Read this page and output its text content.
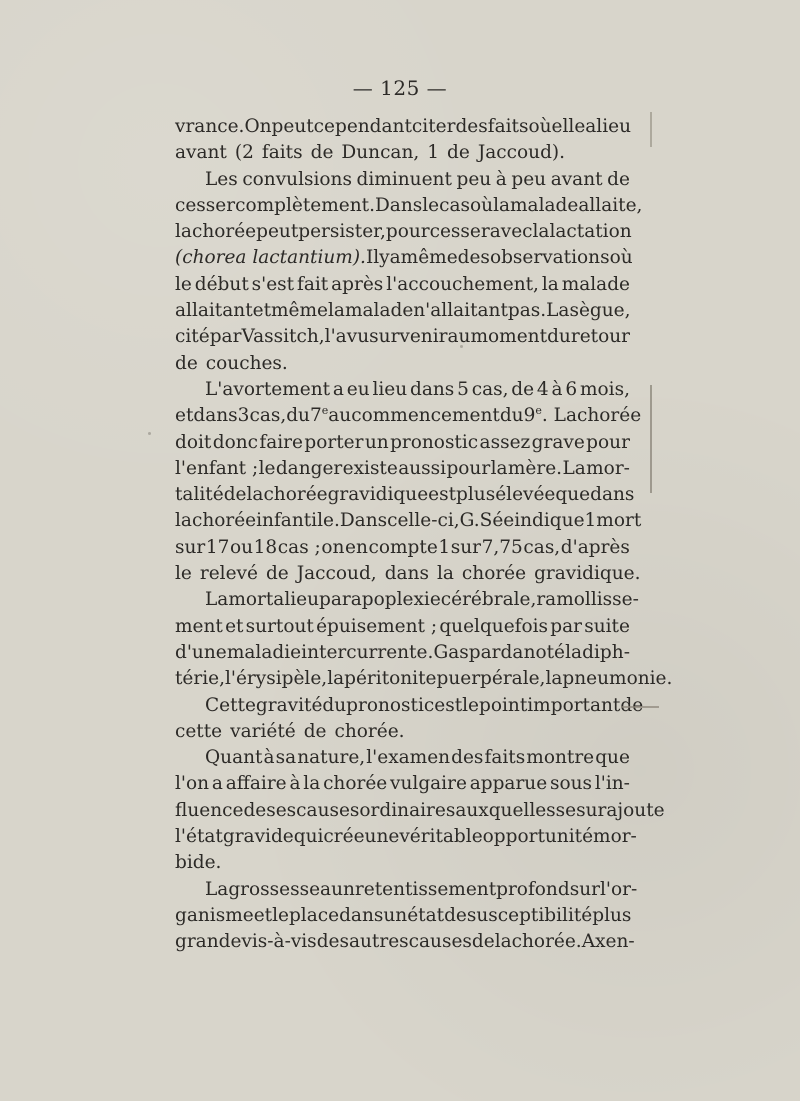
— 125 —
vrance. On peut cependant citer des faits où elle a lieu
avant (2 faits de Duncan, 1 de Jaccoud).
Les convulsions diminuent peu à peu avant de
cesser complètement. Dans le cas où la malade allaite,
la chorée peut persister, pour cesser avec la lactation
(chorea lactantium). Il y a même des observations où
le début s'est fait après l'accouchement, la malade
allaitant et même la malade n'allaitant pas. Lasègue,
cité par Vassitch, l'a vu survenir au moment du retour
de couches.
L'avortement a eu lieu dans 5 cas, de 4 à 6 mois,
et dans 3 cas, du 7e au commencement du 9e . La chorée
doit donc faire porter un pronostic assez grave pour
l'enfant ; le danger existe aussi pour la mère. La mor-
talité de la chorée gravidique est plus élevée que dans
la chorée infantile. Dans celle-ci, G. Sée indique 1 mort
sur 17 ou 18 cas ; on en compte 1 sur 7,75 cas, d'après
le relevé de Jaccoud, dans la chorée gravidique.
La mort a lieu par apoplexie cérébrale, ramollisse-
ment et surtout épuisement ; quelquefois par suite
d'une maladie intercurrente. Gaspard a noté la diph-
térie, l'érysipèle, la péritonite puerpérale, la pneumonie.
Cette gravité du pronostic est le point important
cette variété de chorée.
Quant à sa nature, l'examen des faits montre que
l'on a affaire à la chorée vulgaire apparue sous l'in-
fluence de ses causes ordinaires auxquelles se surajoute
l'état gravide qui crée une véritable opportunité mor-
bide.
La grossesse a un retentissement profond sur l'or-
ganisme et le place dans un état de susceptibilité plus
grande vis-à-vis des autres causes de la chorée. Axen-
